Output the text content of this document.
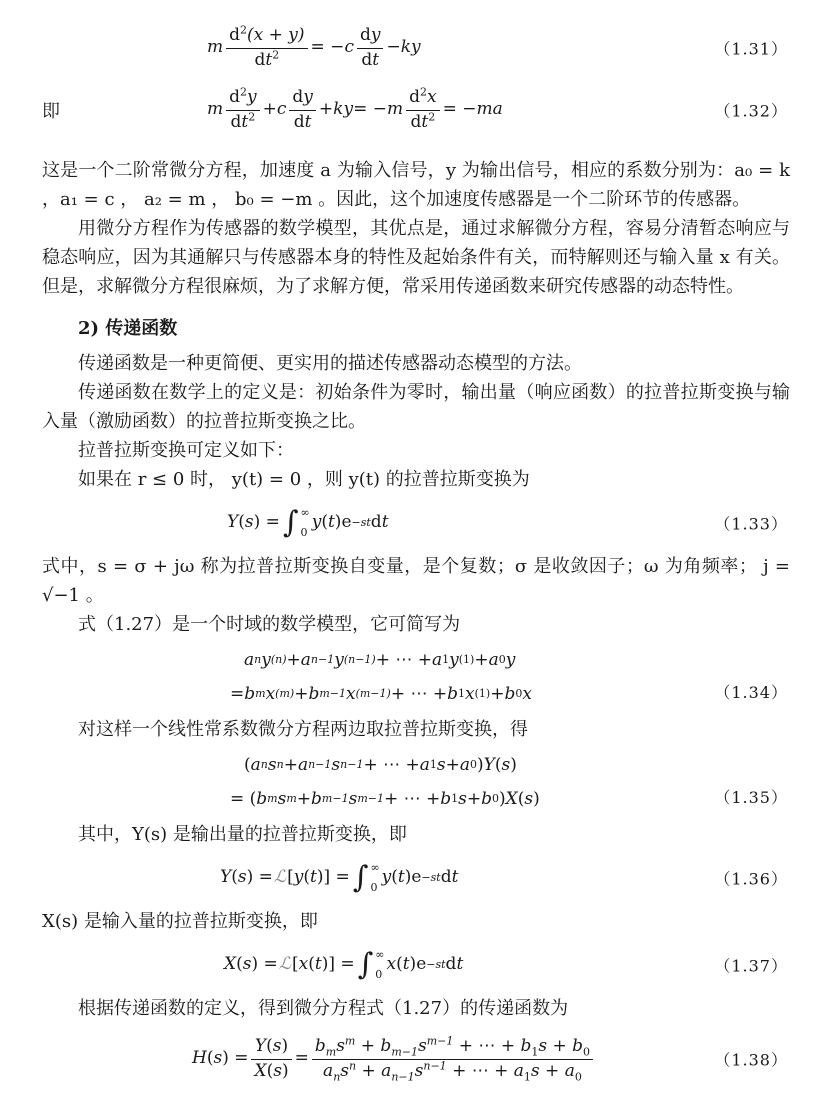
m $\frac{d^2(x + y)}{dt^2}$ = − c
dy
dt
− ky	（1.31）
即	m
$d^2y$
$dt^2 + c$
dy
dt
+ ky = − m $\frac{d^2x}{dt^2}$ = − ma	（1.32）

这是一个二阶常微分方程，加速度 a 为输入信号，y 为输出信号，相应的系数分别为：a₀ = k ，a₁ = c ， a₂ = m ， b₀ = −m 。因此，这个加速度传感器是一个二阶环节的传感器。

用微分方程作为传感器的数学模型，其优点是，通过求解微分方程，容易分清暂态响应与稳态响应，因为其通解只与传感器本身的特性及起始条件有关，而特解则还与输入量 x 有关。但是，求解微分方程很麻烦，为了求解方便，常采用传递函数来研究传感器的动态特性。

2) 传递函数

传递函数是一种更简便、更实用的描述传感器动态模型的方法。

传递函数在数学上的定义是：初始条件为零时，输出量（响应函数）的拉普拉斯变换与输入量（激励函数）的拉普拉斯变换之比。

拉普拉斯变换可定义如下：

如果在 r ≤ 0 时， y(t) = 0 ，则 y(t) 的拉普拉斯变换为

Y ( s ) = ∫ ∞
0
y ( t ) e −st d t	（1.33）

式中，s = σ + jω 称为拉普拉斯变换自变量，是个复数；σ 是收敛因子；ω 为角频率； j = √−1 。

式（1.27）是一个时域的数学模型，它可简写为

a n y (n) + a n−1 y (n−1) + ⋯ + a 1 y (1) + a 0 y
= b m x (m) + b m−1 x (m−1) + ⋯ + b 1 x (1) + b 0 x	（1.34）

对这样一个线性常系数微分方程两边取拉普拉斯变换，得

( a n s n + a n−1 s n−1 + ⋯ + a 1 s + a 0 ) Y ( s )
= ( b m s m + b m−1 s m−1 + ⋯ + b 1 s + b 0 ) X ( s )	（1.35）

其中，Y(s) 是输出量的拉普拉斯变换，即

Y ( s ) = ℒ [ y ( t )] = ∫ ∞
0
y ( t ) e −st d t	（1.36）

X(s) 是输入量的拉普拉斯变换，即

X ( s ) = ℒ [ x ( t )] = ∫ ∞
0
x ( t ) e −st d t	（1.37）

根据传递函数的定义，得到微分方程式（1.27）的传递函数为

H ( s ) = $\frac{Y(s)}{X(s)}$ =
$b_ms^m + b_{m-1}s^{m-1}$ + ⋯ + $b_1s + b_0$
$a_ns^n + a_{n-1}s^{n-1}$ + ⋯ + $a_1s + a_0$
（1.38）
